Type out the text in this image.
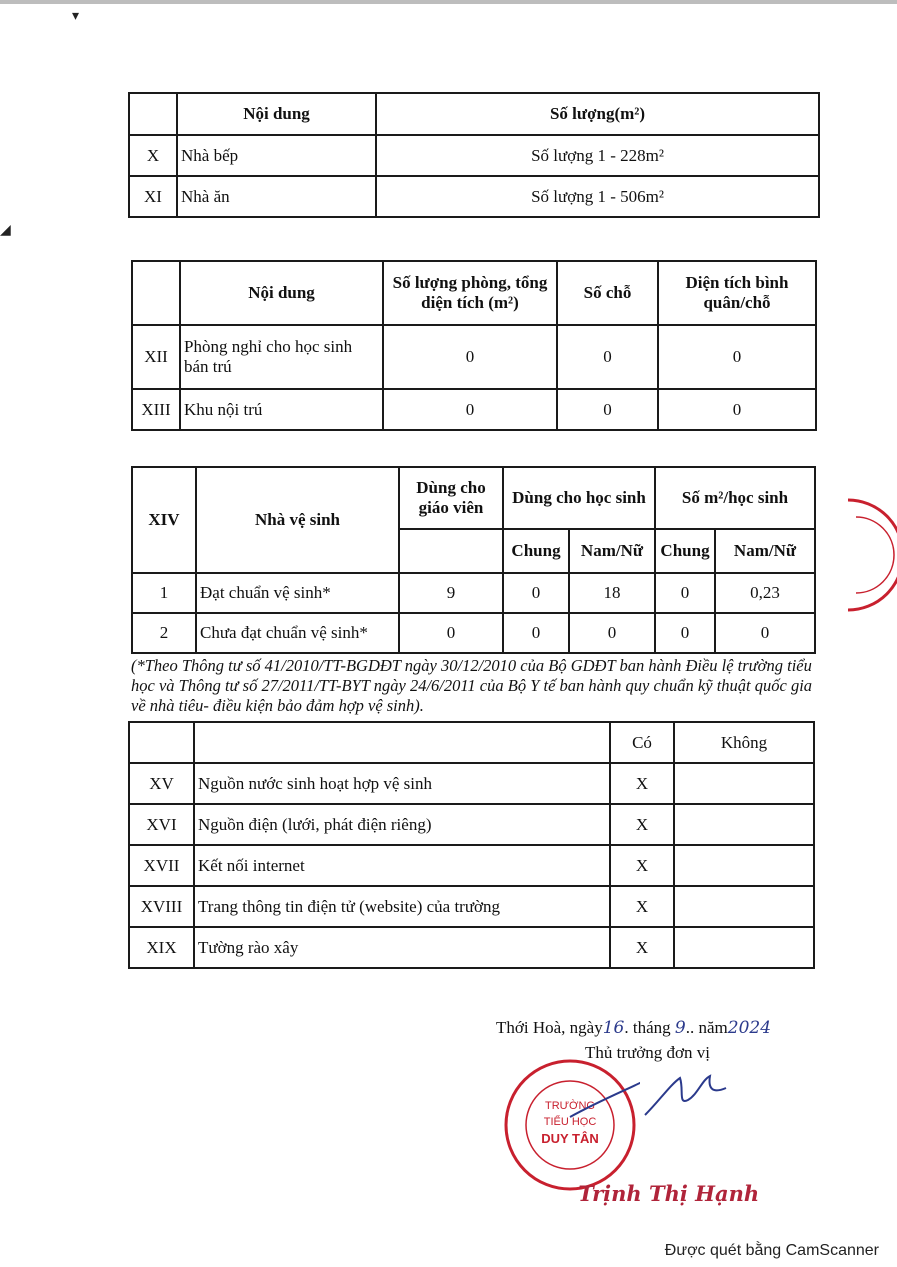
▾
◢
	Nội dung	Số lượng(m²)
X	Nhà bếp	Số lượng 1 - 228m²
XI	Nhà ăn	Số lượng 1 - 506m²
	Nội dung	Số lượng phòng, tổng diện tích (m²)	Số chỗ	Diện tích bình quân/chỗ
XII	Phòng nghỉ cho học sinh bán trú	0	0	0
XIII	Khu nội trú	0	0	0
XIV	Nhà vệ sinh	Dùng cho giáo viên	Dùng cho học sinh		Số m²/học sinh	
			Chung	Nam/Nữ	Chung	Nam/Nữ
1	Đạt chuẩn vệ sinh*	9	0	18	0	0,23
2	Chưa đạt chuẩn vệ sinh*	0	0	0	0	0
(*Theo Thông tư số 41/2010/TT-BGDĐT ngày 30/12/2010 của Bộ GDĐT ban hành Điều lệ trường tiểu học và Thông tư số 27/2011/TT-BYT ngày 24/6/2011 của Bộ Y tế ban hành quy chuẩn kỹ thuật quốc gia về nhà tiêu- điều kiện bảo đảm hợp vệ sinh).
		Có	Không
XV	Nguồn nước sinh hoạt hợp vệ sinh	X	
XVI	Nguồn điện (lưới, phát điện riêng)	X	
XVII	Kết nối internet	X	
XVIII	Trang thông tin điện tử (website) của trường	X	
XIX	Tường rào xây	X	
Thới Hoà, ngày16. tháng 9.. năm2024
Thủ trưởng đơn vị
TRƯỜNG
TIỂU HỌC
DUY TÂN
Trịnh Thị Hạnh
Được quét bằng CamScanner
